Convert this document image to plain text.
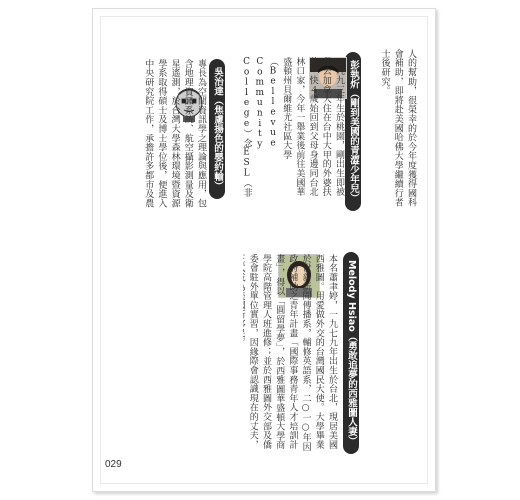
彭執炘（剛到美國的青澀少年兒）
一九九三年生於桃園，剛出生即被帶去加拿大住在台中大甲的外婆扶養，快４歲始回到父母身邊同台北林口家，今年一舉業後前往美國華盛頓州貝爾維尤社區大學（Bellevue Community College）念ESL（非
Melody Hsiao（勇敢追夢的西雅圖人妻）
本名蕭聿婷，一九七九年出生於台北，現居美國西雅圖。用愛做外交的台灣國民大使。大學畢業於世新新聞傳播系，輔修英語系，二○一○年因政府補助之青年計畫「國際事務青年人才培訓計畫」，得以「圓留學夢」，於西雅圖華盛頓大學商學院高階管理人班進修；並於西雅圖外交部及僑委會駐外單位實習，因緣際會認識現在的丈夫，
人的幫助，很榮幸的於今年度獲得國科會補助，即將赴美國哈佛大學繼續行者士後研究。
吳治達（焦慮揚色的嬰約輸）
專長為空間資訊學之理論與應用，包含地理資訊系統、航空攝影測量及衛星遙測，於台灣大學森林環境暨資源學系取得碩士及博士學位後，便進入中央研究院工作，承擔許多都市及農
029
